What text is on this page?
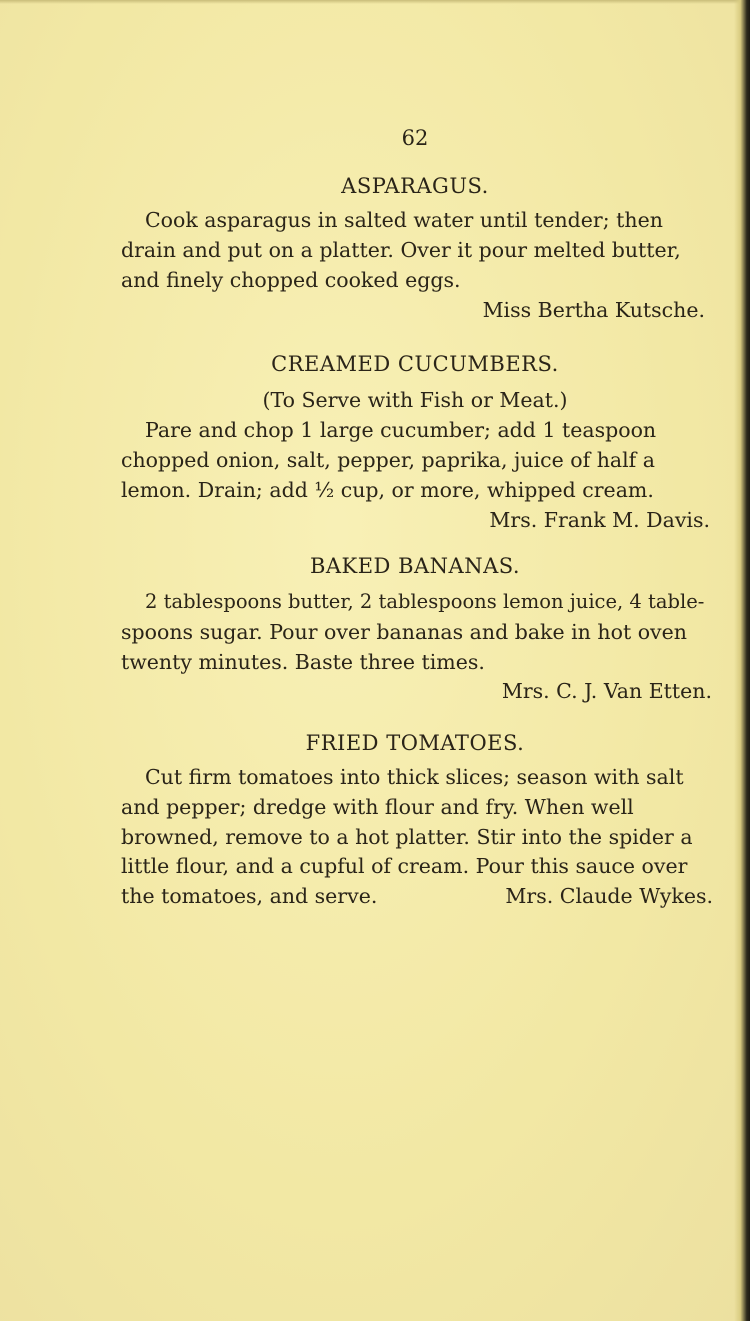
62
ASPARAGUS.
Cook asparagus in salted water until tender; then
drain and put on a platter. Over it pour melted butter,
and finely chopped cooked eggs.
Miss Bertha Kutsche.
CREAMED CUCUMBERS.
(To Serve with Fish or Meat.)
Pare and chop 1 large cucumber; add 1 teaspoon
chopped onion, salt, pepper, paprika, juice of half a
lemon. Drain; add ½ cup, or more, whipped cream.
Mrs. Frank M. Davis.
BAKED BANANAS.
2 tablespoons butter, 2 tablespoons lemon juice, 4 table-
spoons sugar. Pour over bananas and bake in hot oven
twenty minutes. Baste three times.
Mrs. C. J. Van Etten.
FRIED TOMATOES.
Cut firm tomatoes into thick slices; season with salt
and pepper; dredge with flour and fry. When well
browned, remove to a hot platter. Stir into the spider a
little flour, and a cupful of cream. Pour this sauce over
the tomatoes, and serve.	Mrs. Claude Wykes.
